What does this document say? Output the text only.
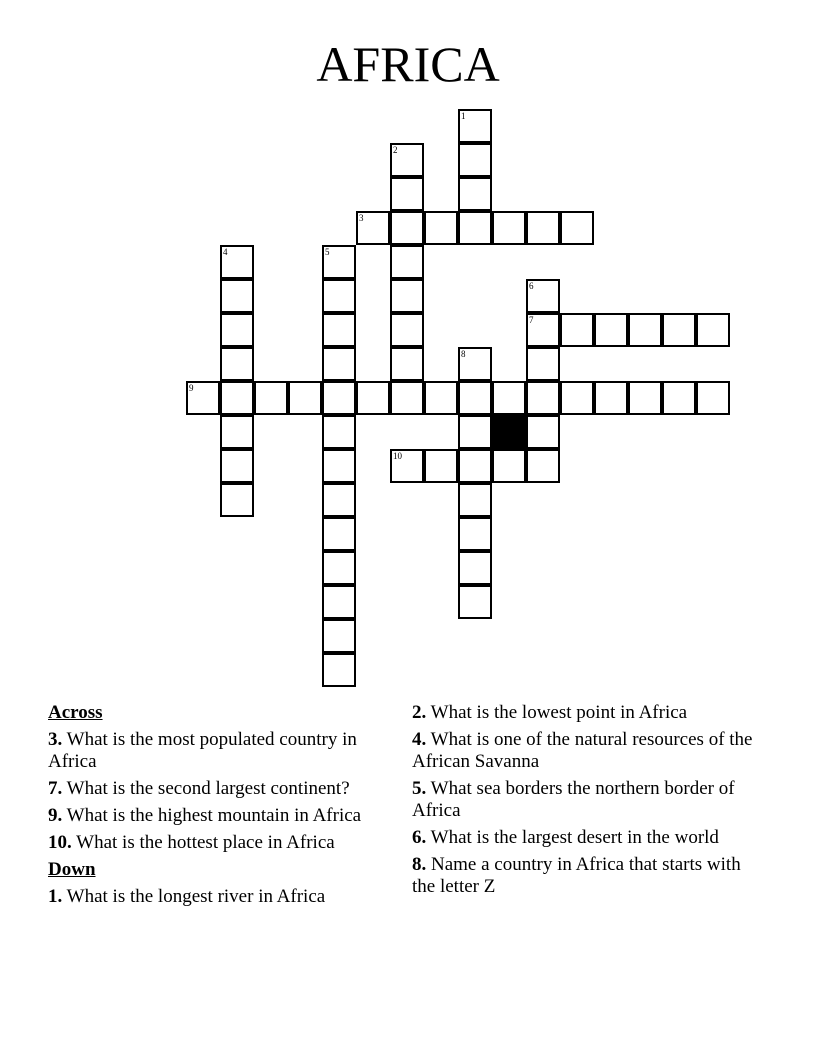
AFRICA
1
2
3
4	5
6
7
8
9
10
Across
3. What is the most populated country in Africa
7. What is the second largest continent?
9. What is the highest mountain in Africa
10. What is the hottest place in Africa
Down
1. What is the longest river in Africa
2. What is the lowest point in Africa
4. What is one of the natural resources of the African Savanna
5. What sea borders the northern border of Africa
6. What is the largest desert in the world
8. Name a country in Africa that starts with the letter Z
